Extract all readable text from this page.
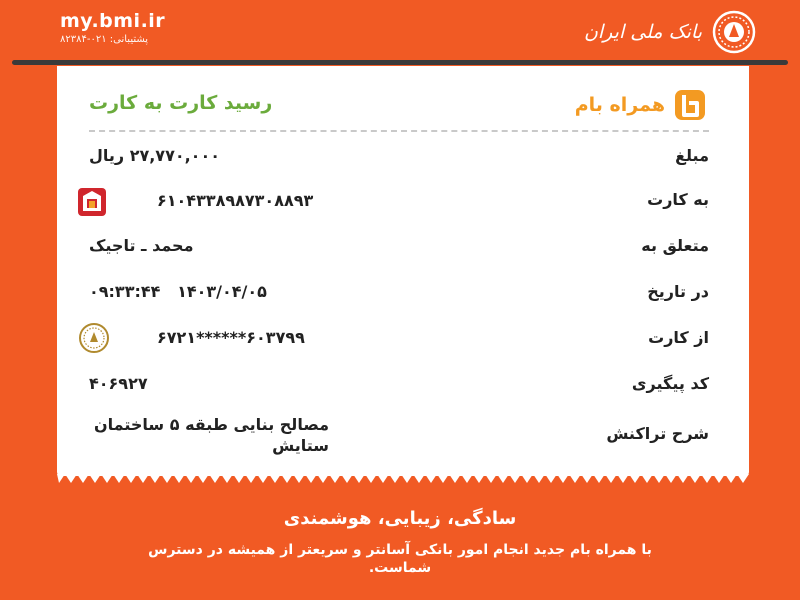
my.bmi.ir
پشتیبانی: ۰۲۱-۸۲۳۸۴	بانک ملی ایران
همراه بام
رسید کارت به کارت
مبلغ
۲۷,۷۷۰,۰۰۰ ریال
به کارت
۶۱۰۴۳۳۸۹۸۷۳۰۸۸۹۳
متعلق به
محمد ـ تاجیک
در تاریخ
۱۴۰۳/۰۴/۰۵   ۰۹:۳۳:۴۴
از کارت
۶۰۳۷۹۹******۶۷۲۱
کد پیگیری
۴۰۶۹۲۷
شرح تراکنش
مصالح بنایی طبقه ۵ ساختمان ستایش
سادگی، زیبایی، هوشمندی
با همراه بام جدید انجام امور بانکی آسانتر و سریعتر از همیشه در دسترس شماست.
